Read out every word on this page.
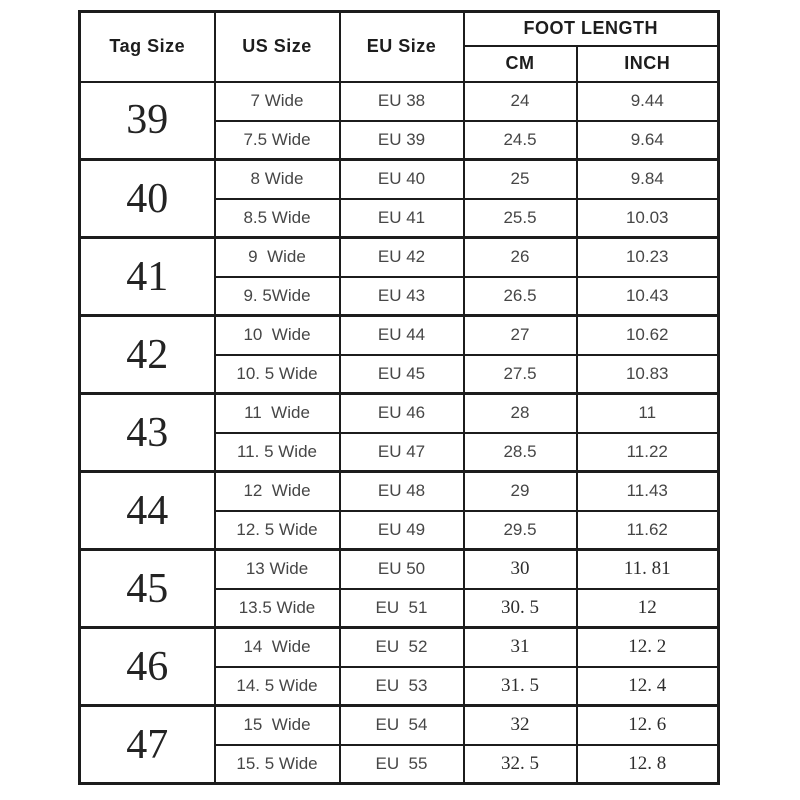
Tag Size	US Size	EU Size	FOOT LENGTH	
			CM	INCH
39	7 Wide	EU 38	24	9.44
	7.5 Wide	EU 39	24.5	9.64
40	8 Wide	EU 40	25	9.84
	8.5 Wide	EU 41	25.5	10.03
41	9  Wide	EU 42	26	10.23
	9. 5Wide	EU 43	26.5	10.43
42	10  Wide	EU 44	27	10.62
	10. 5 Wide	EU 45	27.5	10.83
43	11  Wide	EU 46	28	11
	11. 5 Wide	EU 47	28.5	11.22
44	12  Wide	EU 48	29	11.43
	12. 5 Wide	EU 49	29.5	11.62
45	13 Wide	EU 50	30	11. 81
	13.5 Wide	EU  51	30. 5	12
46	14  Wide	EU  52	31	12. 2
	14. 5 Wide	EU  53	31. 5	12. 4
47	15  Wide	EU  54	32	12. 6
	15. 5 Wide	EU  55	32. 5	12. 8
